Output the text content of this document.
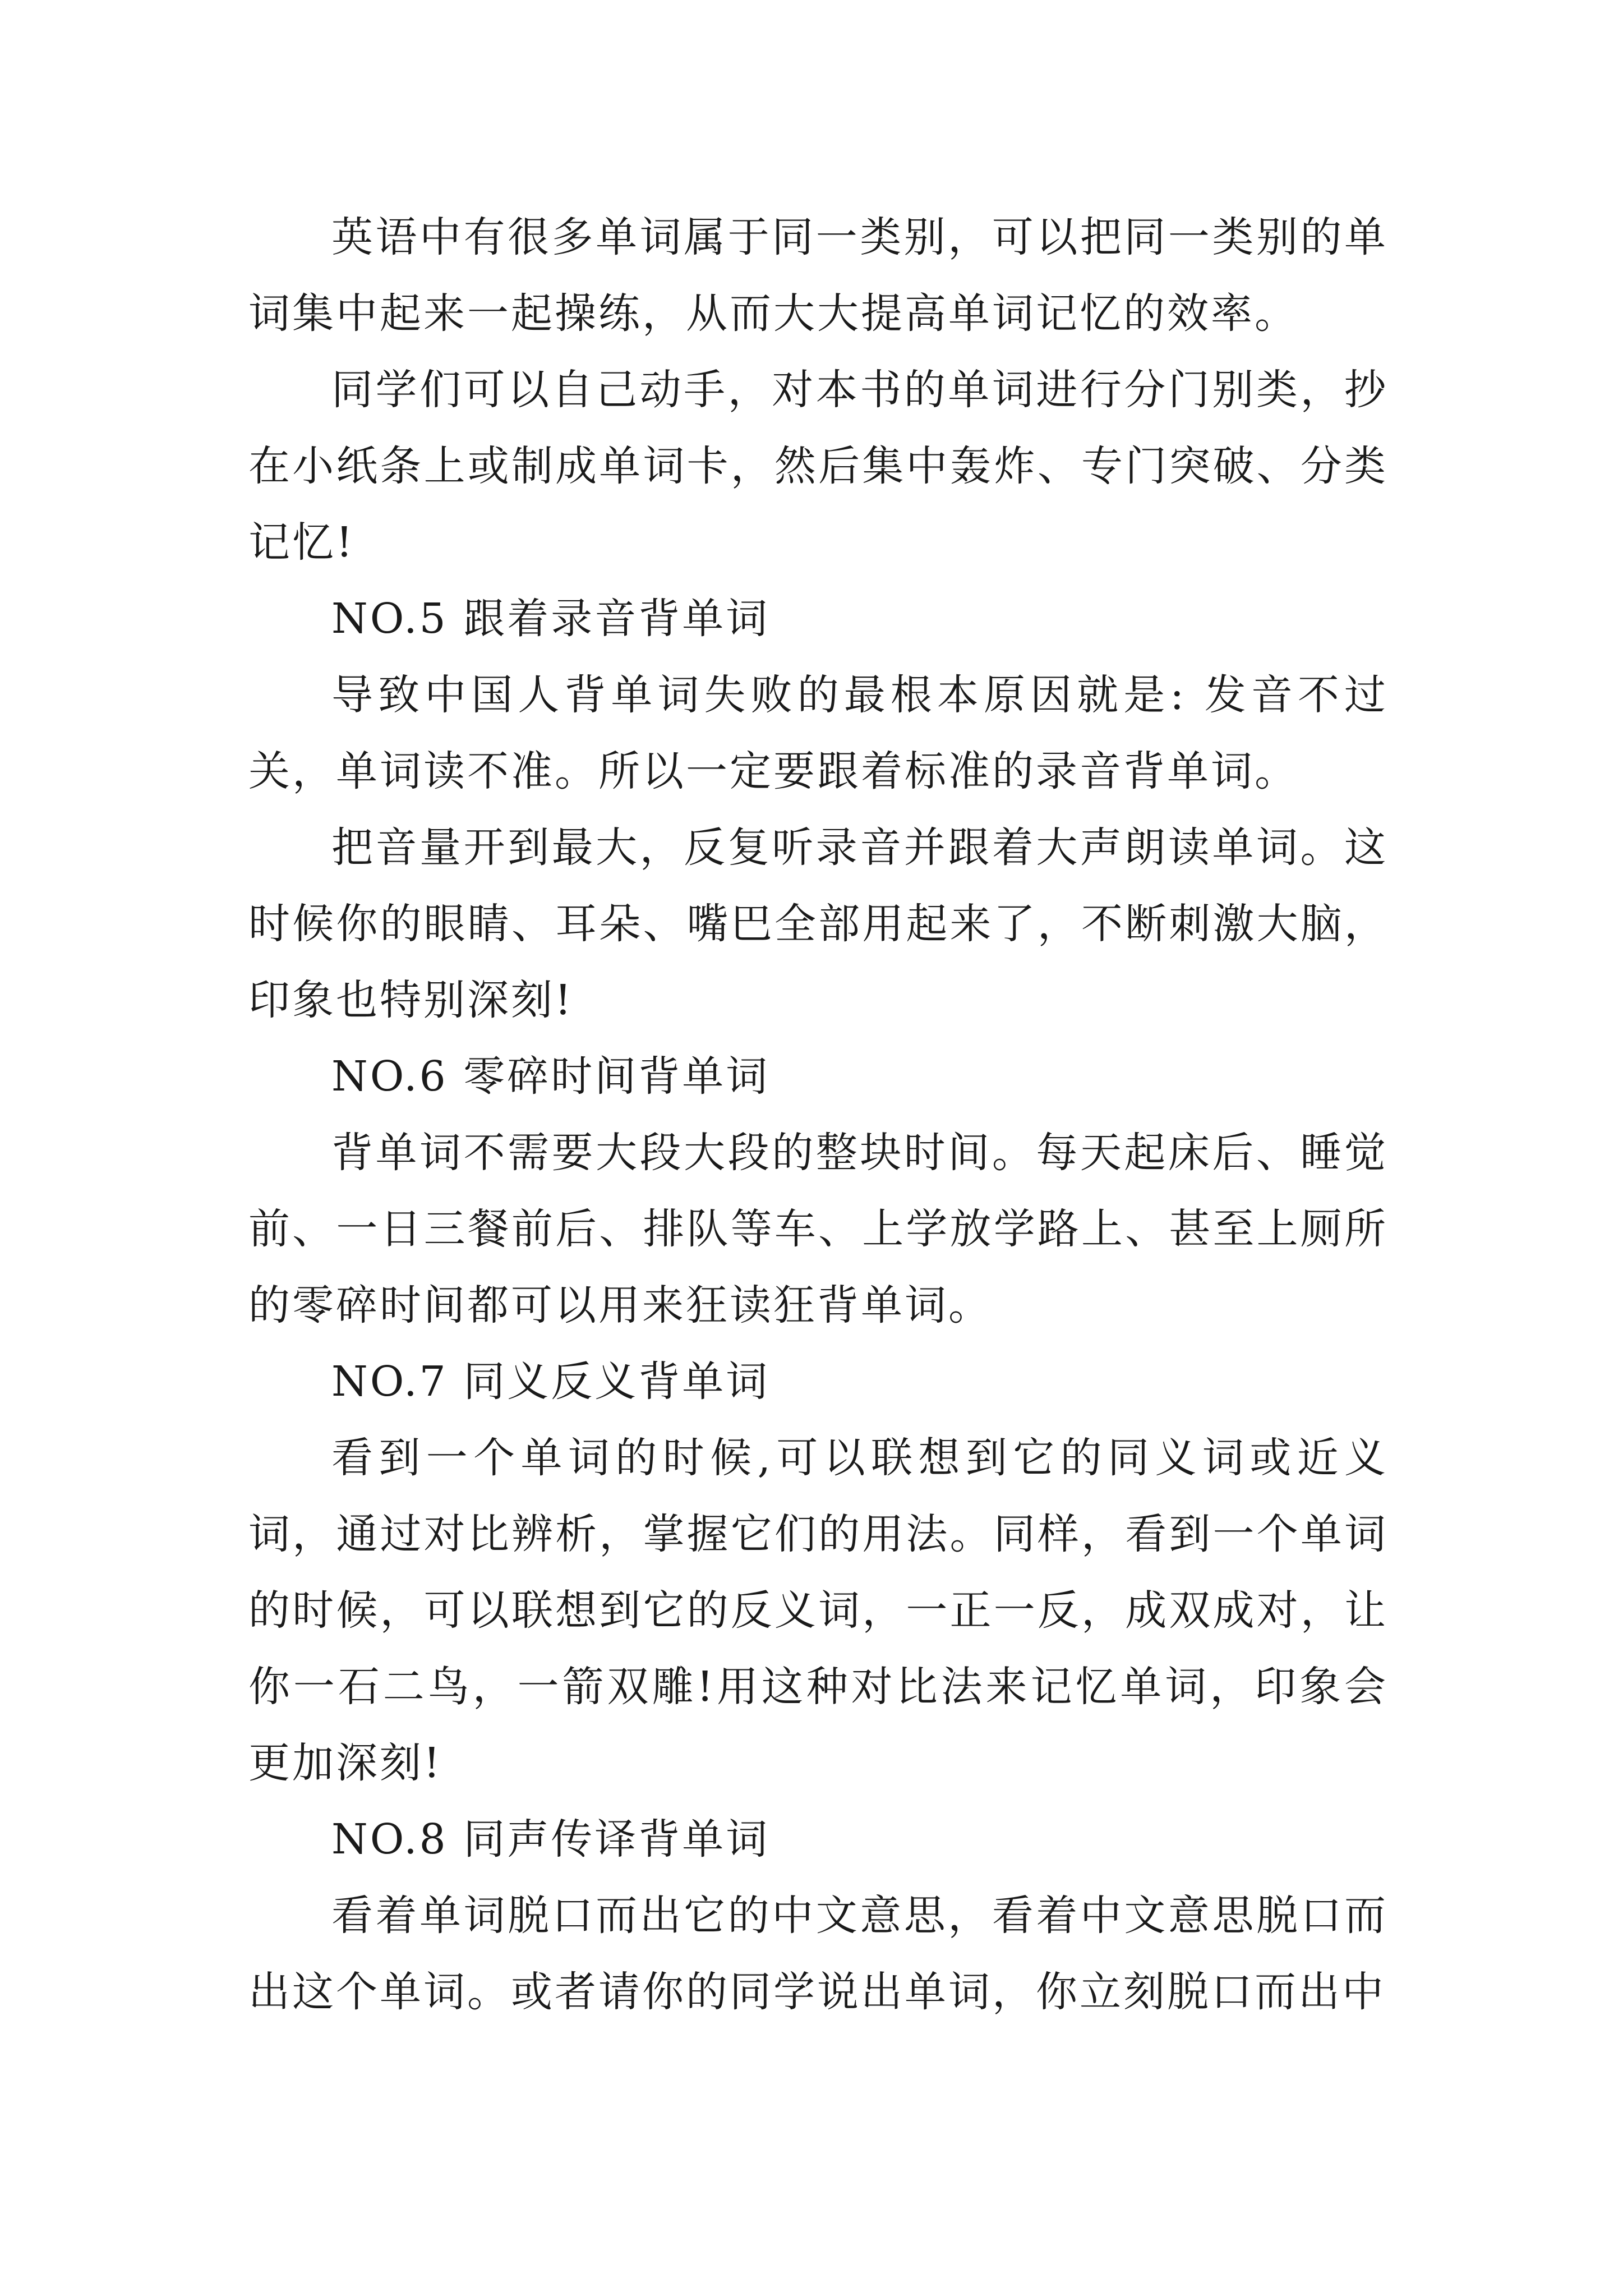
英语中有很多单词属于同一类别，可以把同一类别的单词集中起来一起操练，从而大大提高单词记忆的效率。

同学们可以自己动手，对本书的单词进行分门别类，抄在小纸条上或制成单词卡，然后集中轰炸、专门突破、分类记忆!

NO.5 跟着录音背单词

导致中国人背单词失败的最根本原因就是: 发音不过关，单词读不准。所以一定要跟着标准的录音背单词。

把音量开到最大，反复听录音并跟着大声朗读单词。这时候你的眼睛、耳朵、嘴巴全部用起来了，不断刺激大脑，印象也特别深刻!

NO.6 零碎时间背单词

背单词不需要大段大段的整块时间。每天起床后、睡觉前、一日三餐前后、排队等车、上学放学路上、甚至上厕所的零碎时间都可以用来狂读狂背单词。

NO.7 同义反义背单词

看到一个单词的时候,可以联想到它的同义词或近义词，通过对比辨析，掌握它们的用法。同样，看到一个单词的时候，可以联想到它的反义词，一正一反，成双成对，让你一石二鸟，一箭双雕!用这种对比法来记忆单词，印象会更加深刻!

NO.8 同声传译背单词

看着单词脱口而出它的中文意思，看着中文意思脱口而出这个单词。或者请你的同学说出单词，你立刻脱口而出中
